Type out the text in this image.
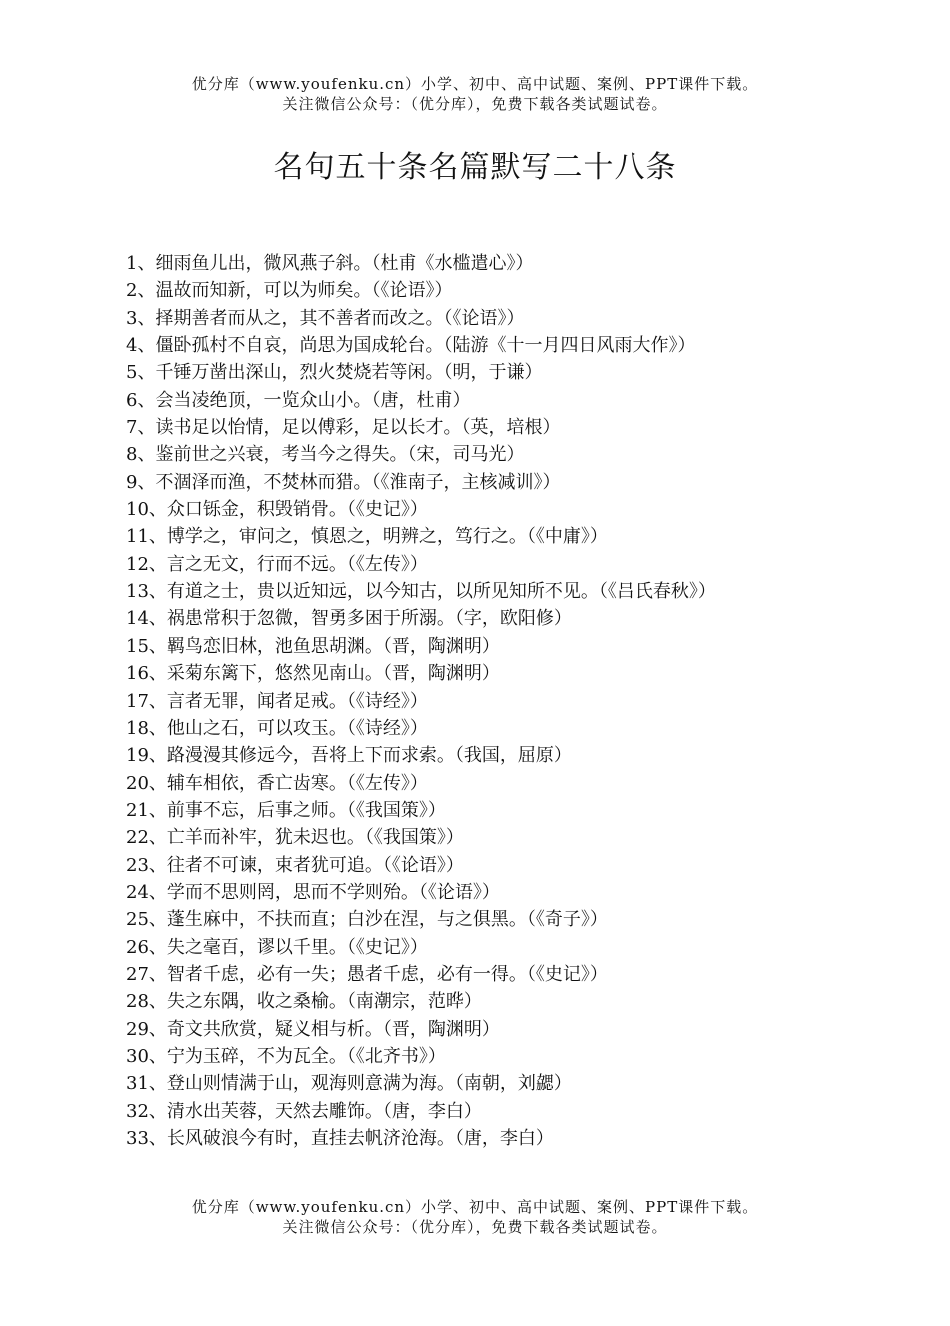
优分库（www.youfenku.cn）小学、初中、高中试题、案例、PPT课件下载。
关注微信公众号：（优分库），免费下载各类试题试卷。
名句五十条名篇默写二十八条
1、细雨鱼儿出，微风燕子斜。（杜甫《水槛遣心》）
2、温故而知新，可以为师矣。（《论语》）
3、择期善者而从之，其不善者而改之。（《论语》）
4、僵卧孤村不自哀，尚思为国成轮台。（陆游《十一月四日风雨大作》）
5、千锤万凿出深山，烈火焚烧若等闲。（明，于谦）
6、会当凌绝顶，一览众山小。（唐，杜甫）
7、读书足以怡情，足以傅彩，足以长才。（英，培根）
8、鉴前世之兴衰，考当今之得失。（宋，司马光）
9、不涸泽而渔，不焚林而猎。（《淮南子，主核减训》）
10、众口铄金，积毁销骨。（《史记》）
11、博学之，审问之，慎恩之，明辨之，笃行之。（《中庸》）
12、言之无文，行而不远。（《左传》）
13、有道之士，贵以近知远，以今知古，以所见知所不见。（《吕氏春秋》）
14、祸患常积于忽微，智勇多困于所溺。（字，欧阳修）
15、羁鸟恋旧林，池鱼思胡渊。（晋，陶渊明）
16、采菊东篱下，悠然见南山。（晋，陶渊明）
17、言者无罪，闻者足戒。（《诗经》）
18、他山之石，可以攻玉。（《诗经》）
19、路漫漫其修远今，吾将上下而求索。（我国，屈原）
20、辅车相依，香亡齿寒。（《左传》）
21、前事不忘，后事之师。（《我国策》）
22、亡羊而补牢，犹未迟也。（《我国策》）
23、往者不可谏，束者犹可追。（《论语》）
24、学而不思则罔，思而不学则殆。（《论语》）
25、蓬生麻中，不扶而直；白沙在涅，与之俱黑。（《奇子》）
26、失之毫百，谬以千里。（《史记》）
27、智者千虑，必有一失；愚者千虑，必有一得。（《史记》）
28、失之东隅，收之桑榆。（南潮宗，范晔）
29、奇文共欣赏，疑义相与析。（晋，陶渊明）
30、宁为玉碎，不为瓦全。（《北齐书》）
31、登山则情满于山，观海则意满为海。（南朝，刘勰）
32、清水出芙蓉，天然去雕饰。（唐，李白）
33、长风破浪今有时，直挂去帆济沧海。（唐，李白）
优分库（www.youfenku.cn）小学、初中、高中试题、案例、PPT课件下载。
关注微信公众号：（优分库），免费下载各类试题试卷。
